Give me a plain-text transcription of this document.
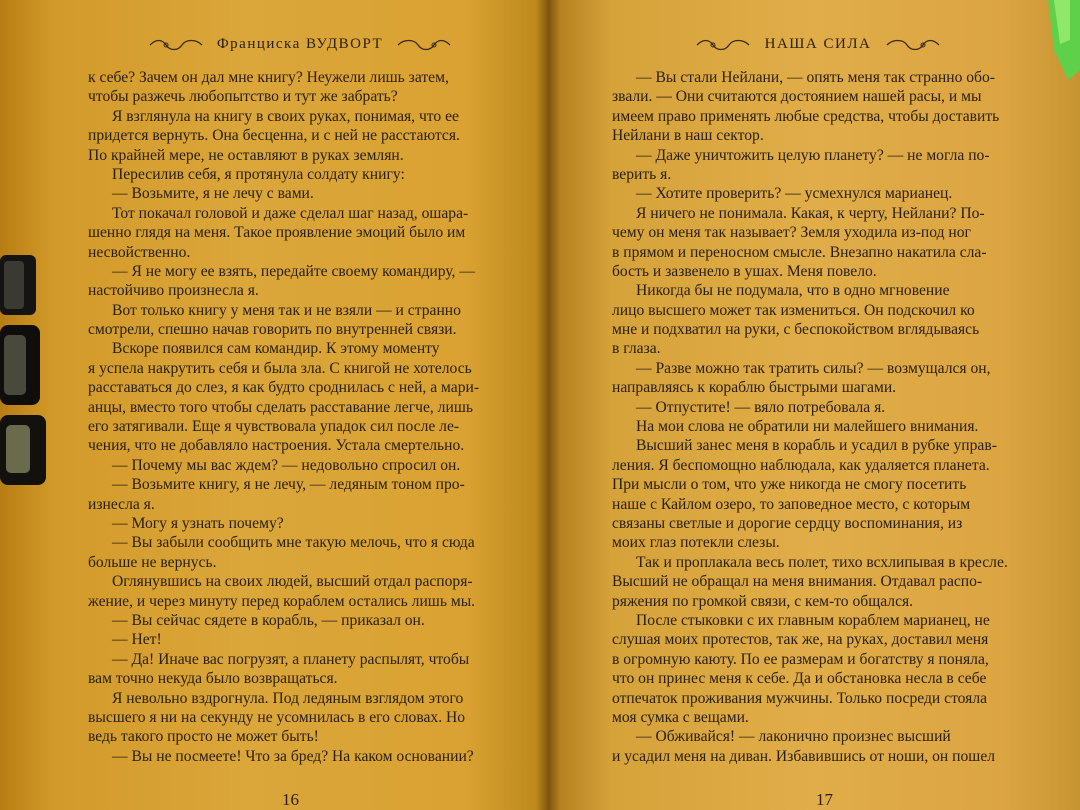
Франциска ВУДВОРТ
к себе? Зачем он дал мне книгу? Неужели лишь затем,
чтобы разжечь любопытство и тут же забрать?
Я взглянула на книгу в своих руках, понимая, что ее
придется вернуть. Она бесценна, и с ней не расстаются.
По крайней мере, не оставляют в руках землян.
Пересилив себя, я протянула солдату книгу:
— Возьмите, я не лечу с вами.
Тот покачал головой и даже сделал шаг назад, ошара-
шенно глядя на меня. Такое проявление эмоций было им
несвойственно.
— Я не могу ее взять, передайте своему командиру, —
настойчиво произнесла я.
Вот только книгу у меня так и не взяли — и странно
смотрели, спешно начав говорить по внутренней связи.
Вскоре появился сам командир. К этому моменту
я успела накрутить себя и была зла. С книгой не хотелось
расставаться до слез, я как будто сроднилась с ней, а мари-
анцы, вместо того чтобы сделать расставание легче, лишь
его затягивали. Еще я чувствовала упадок сил после ле-
чения, что не добавляло настроения. Устала смертельно.
— Почему мы вас ждем? — недовольно спросил он.
— Возьмите книгу, я не лечу, — ледяным тоном про-
изнесла я.
— Могу я узнать почему?
— Вы забыли сообщить мне такую мелочь, что я сюда
больше не вернусь.
Оглянувшись на своих людей, высший отдал распоря-
жение, и через минуту перед кораблем остались лишь мы.
— Вы сейчас сядете в корабль, — приказал он.
— Нет!
— Да! Иначе вас погрузят, а планету распылят, чтобы
вам точно некуда было возвращаться.
Я невольно вздрогнула. Под ледяным взглядом этого
высшего я ни на секунду не усомнилась в его словах. Но
ведь такого просто не может быть!
— Вы не посмеете! Что за бред? На каком основании?
16
НАША СИЛА
— Вы стали Нейлани, — опять меня так странно обо-
звали. — Они считаются достоянием нашей расы, и мы
имеем право применять любые средства, чтобы доставить
Нейлани в наш сектор.
— Даже уничтожить целую планету? — не могла по-
верить я.
— Хотите проверить? — усмехнулся марианец.
Я ничего не понимала. Какая, к черту, Нейлани? По-
чему он меня так называет? Земля уходила из-под ног
в прямом и переносном смысле. Внезапно накатила сла-
бость и зазвенело в ушах. Меня повело.
Никогда бы не подумала, что в одно мгновение
лицо высшего может так измениться. Он подскочил ко
мне и подхватил на руки, с беспокойством вглядываясь
в глаза.
— Разве можно так тратить силы? — возмущался он,
направляясь к кораблю быстрыми шагами.
— Отпустите! — вяло потребовала я.
На мои слова не обратили ни малейшего внимания.
Высший занес меня в корабль и усадил в рубке управ-
ления. Я беспомощно наблюдала, как удаляется планета.
При мысли о том, что уже никогда не смогу посетить
наше с Кайлом озеро, то заповедное место, с которым
связаны светлые и дорогие сердцу воспоминания, из
моих глаз потекли слезы.
Так и проплакала весь полет, тихо всхлипывая в кресле.
Высший не обращал на меня внимания. Отдавал распо-
ряжения по громкой связи, с кем-то общался.
После стыковки с их главным кораблем марианец, не
слушая моих протестов, так же, на руках, доставил меня
в огромную каюту. По ее размерам и богатству я поняла,
что он принес меня к себе. Да и обстановка несла в себе
отпечаток проживания мужчины. Только посреди стояла
моя сумка с вещами.
— Обживайся! — лаконично произнес высший
и усадил меня на диван. Избавившись от ноши, он пошел
17
